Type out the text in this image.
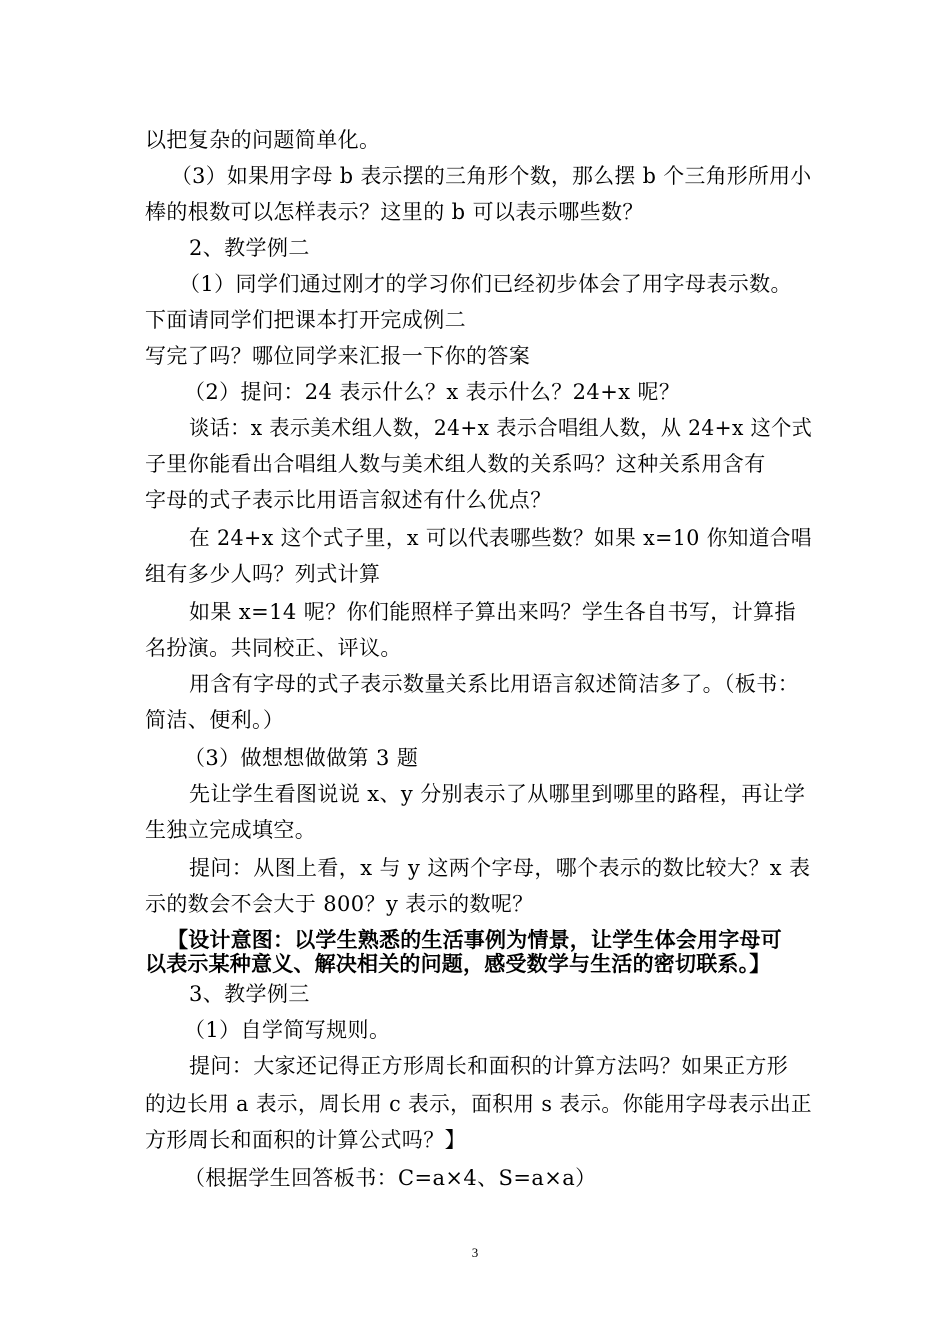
以把复杂的问题简单化。
（3）如果用字母 b 表示摆的三角形个数，那么摆 b 个三角形所用小
棒的根数可以怎样表示？这里的 b 可以表示哪些数？
2、教学例二
（1）同学们通过刚才的学习你们已经初步体会了用字母表示数。
下面请同学们把课本打开完成例二
写完了吗？哪位同学来汇报一下你的答案
（2）提问：24 表示什么？x 表示什么？24+x 呢？
谈话：x 表示美术组人数，24+x 表示合唱组人数，从 24+x 这个式
子里你能看出合唱组人数与美术组人数的关系吗？这种关系用含有
字母的式子表示比用语言叙述有什么优点？
在 24+x 这个式子里，x 可以代表哪些数？如果 x=10 你知道合唱
组有多少人吗？列式计算
如果 x=14 呢？你们能照样子算出来吗？学生各自书写，计算指
名扮演。共同校正、评议。
用含有字母的式子表示数量关系比用语言叙述简洁多了。（板书：
简洁、便利。）
（3）做想想做做第 3 题
先让学生看图说说 x、y 分别表示了从哪里到哪里的路程，再让学
生独立完成填空。
提问：从图上看，x 与 y 这两个字母，哪个表示的数比较大？x 表
示的数会不会大于 800？y 表示的数呢？
【设计意图：以学生熟悉的生活事例为情景，让学生体会用字母可
以表示某种意义、解决相关的问题，感受数学与生活的密切联系。】
3、教学例三
（1）自学简写规则。
提问：大家还记得正方形周长和面积的计算方法吗？如果正方形
的边长用 a 表示，周长用 c 表示，面积用 s 表示。你能用字母表示出正
方形周长和面积的计算公式吗？】
（根据学生回答板书：C=a×4、S=a×a）
3
